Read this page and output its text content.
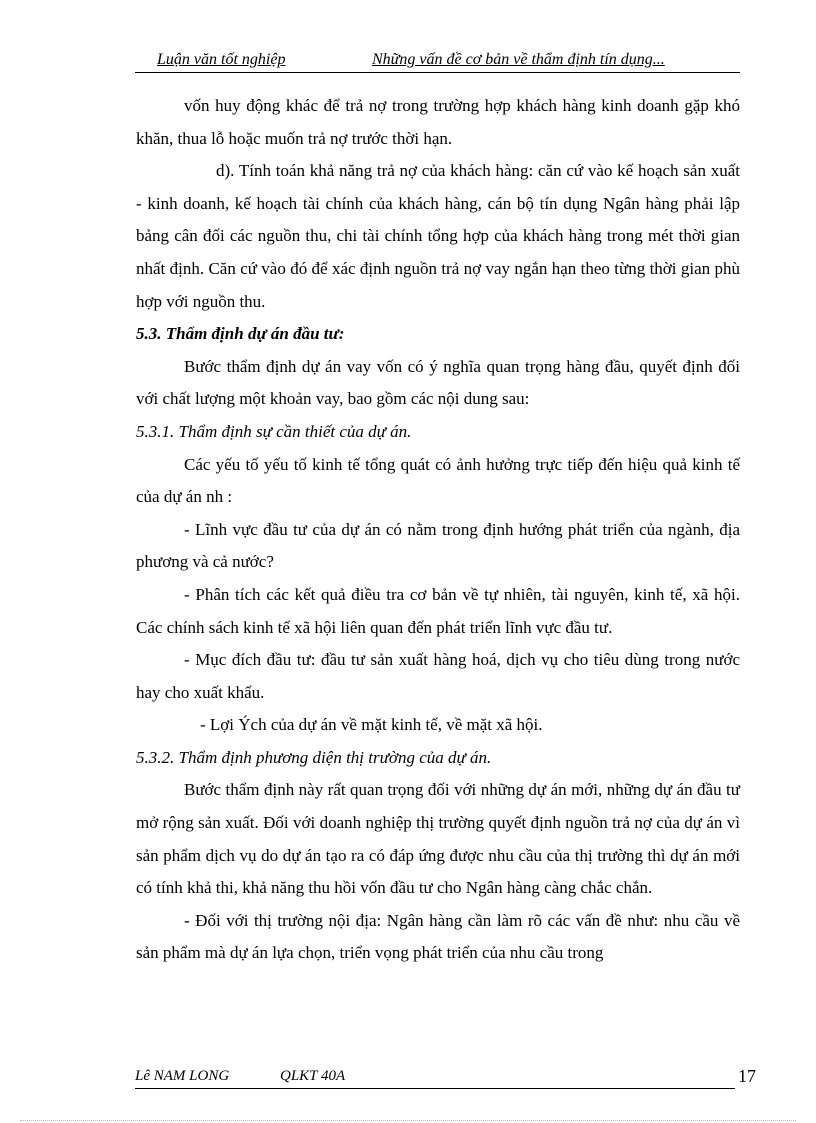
Luận văn tốt nghiệp	Những vấn đề cơ bản về thẩm định tín dụng...

vốn huy động khác để trả nợ trong trường hợp khách hàng kinh doanh gặp khó khăn, thua lỗ hoặc muốn trả nợ trước thời hạn.

d). Tính toán khả năng trả nợ của khách hàng: căn cứ vào kế hoạch sản xuất - kinh doanh, kế hoạch tài chính của khách hàng, cán bộ tín dụng Ngân hàng phải lập bảng cân đối các nguồn thu, chi tài chính tổng hợp của khách hàng trong mét thời gian nhất định. Căn cứ vào đó để xác định nguồn trả nợ vay ngắn hạn theo từng thời gian phù hợp với nguồn thu.

5.3. Thẩm định dự án đầu tư:

Bước thẩm định dự án vay vốn có ý nghĩa quan trọng hàng đầu, quyết định đối với chất lượng một khoản vay, bao gồm các nội dung sau:

5.3.1. Thẩm định sự cần thiết của dự án.

Các yếu tố yếu tố kinh tế tổng quát có ảnh hưởng trực tiếp đến hiệu quả kinh tế của dự án nh :

- Lĩnh vực đầu tư của dự án có nằm trong định hướng phát triển của ngành, địa phương và cả nước?

- Phân tích các kết quả điều tra cơ bản về tự nhiên, tài nguyên, kinh tế, xã hội. Các chính sách kinh tế xã hội liên quan đến phát triển lĩnh vực đầu tư.

- Mục đích đầu tư: đầu tư sản xuất hàng hoá, dịch vụ cho tiêu dùng trong nước hay cho xuất khẩu.

- Lợi Ých của dự án về mặt kinh tế, về mặt xã hội.

5.3.2. Thẩm định phương diện thị trường của dự án.

Bước thẩm định này rất quan trọng đối với những dự án mới, những dự án đầu tư mở rộng sản xuất. Đối với doanh nghiệp thị trường quyết định nguồn trả nợ của dự án vì sản phẩm dịch vụ do dự án tạo ra có đáp ứng được nhu cầu của thị trường thì dự án mới có tính khả thi, khả năng thu hồi vốn đầu tư cho Ngân hàng càng chắc chắn.

- Đối với thị trường nội địa: Ngân hàng cần làm rõ các vấn đề như: nhu cầu về sản phẩm mà dự án lựa chọn, triển vọng phát triển của nhu cầu trong

Lê NAM LONG	QLKT 40A	17
